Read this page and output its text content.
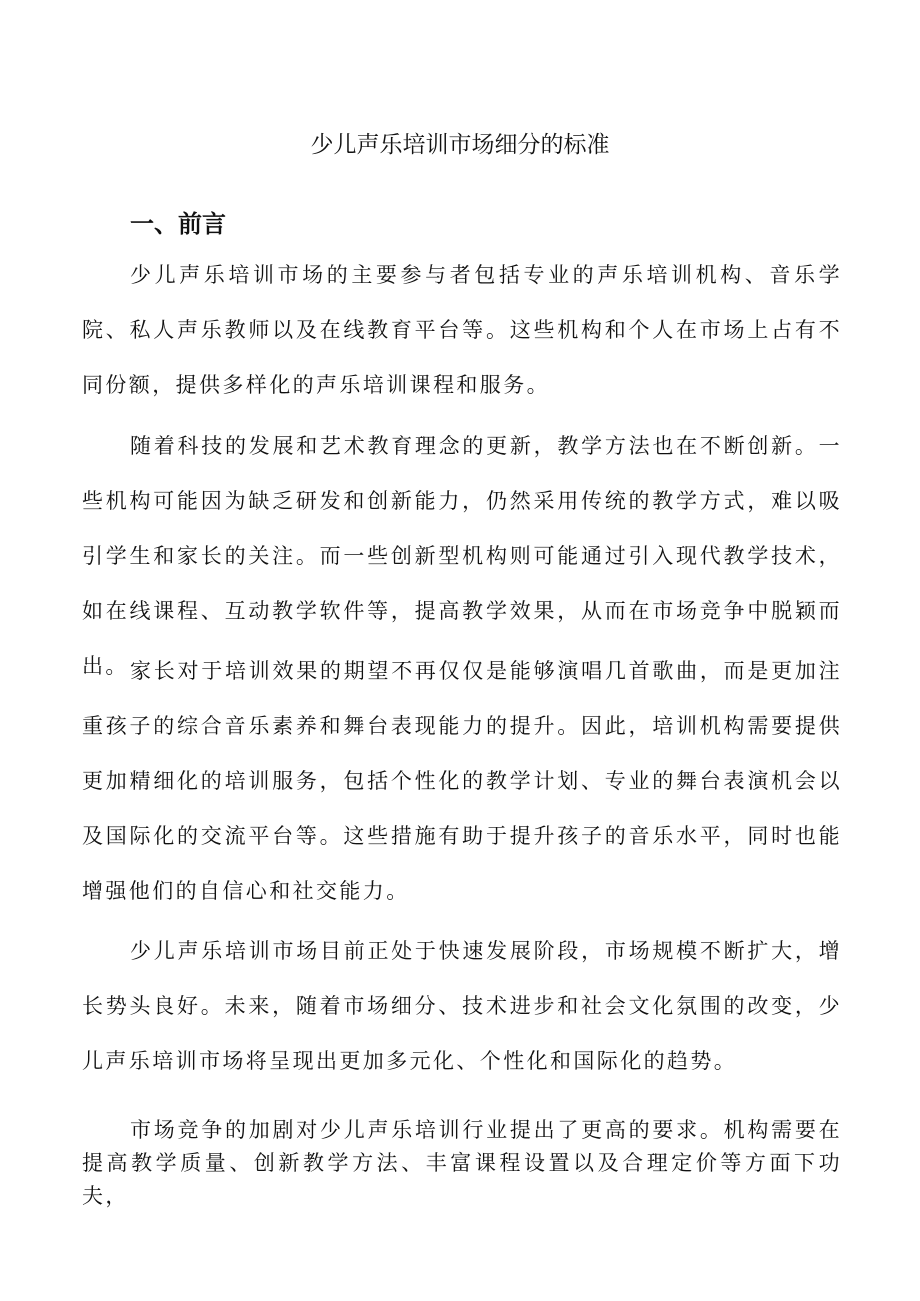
少儿声乐培训市场细分的标准
一、前言

少儿声乐培训市场的主要参与者包括专业的声乐培训机构、音乐学院、私人声乐教师以及在线教育平台等。这些机构和个人在市场上占有不同份额，提供多样化的声乐培训课程和服务。

随着科技的发展和艺术教育理念的更新，教学方法也在不断创新。一些机构可能因为缺乏研发和创新能力，仍然采用传统的教学方式，难以吸引学生和家长的关注。而一些创新型机构则可能通过引入现代教学技术，如在线课程、互动教学软件等，提高教学效果，从而在市场竞争中脱颖而出。 家长对于培训效果的期望不再仅仅是能够演唱几首歌曲，而是更加注重孩子的综合音乐素养和舞台表现能力的提升。因此，培训机构需要提供更加精细化的培训服务，包括个性化的教学计划、专业的舞台表演机会以及国际化的交流平台等。这些措施有助于提升孩子的音乐水平，同时也能增强他们的自信心和社交能力。

少儿声乐培训市场目前正处于快速发展阶段，市场规模不断扩大，增长势头良好。未来，随着市场细分、技术进步和社会文化氛围的改变，少儿声乐培训市场将呈现出更加多元化、个性化和国际化的趋势。

市场竞争的加剧对少儿声乐培训行业提出了更高的要求。机构需要在提高教学质量、创新教学方法、丰富课程设置以及合理定价等方面下功夫，
